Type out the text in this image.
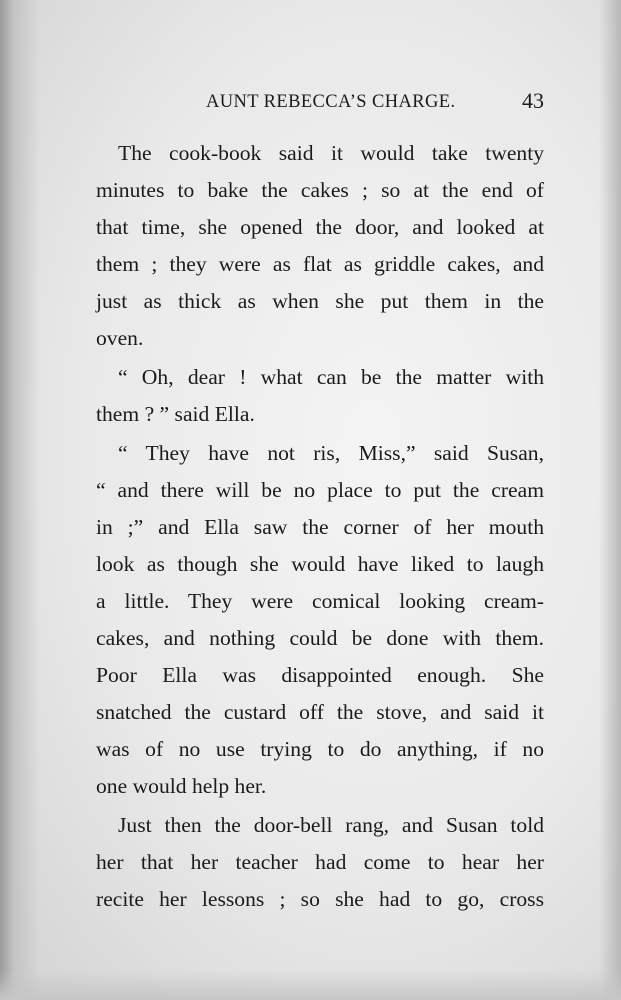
AUNT REBECCA’S CHARGE.	43
The cook-book said it would take twenty
minutes to bake the cakes ; so at the end of
that time, she opened the door, and looked at
them ; they were as flat as griddle cakes, and
just as thick as when she put them in the
oven.
“ Oh, dear ! what can be the matter with
them ? ” said Ella.
“ They have not ris, Miss,” said Susan,
“ and there will be no place to put the cream
in ;” and Ella saw the corner of her mouth
look as though she would have liked to laugh
a little. They were comical looking cream-
cakes, and nothing could be done with them.
Poor Ella was disappointed enough. She
snatched the custard off the stove, and said it
was of no use trying to do anything, if no
one would help her.
Just then the door-bell rang, and Susan told
her that her teacher had come to hear her
recite her lessons ; so she had to go, cross
